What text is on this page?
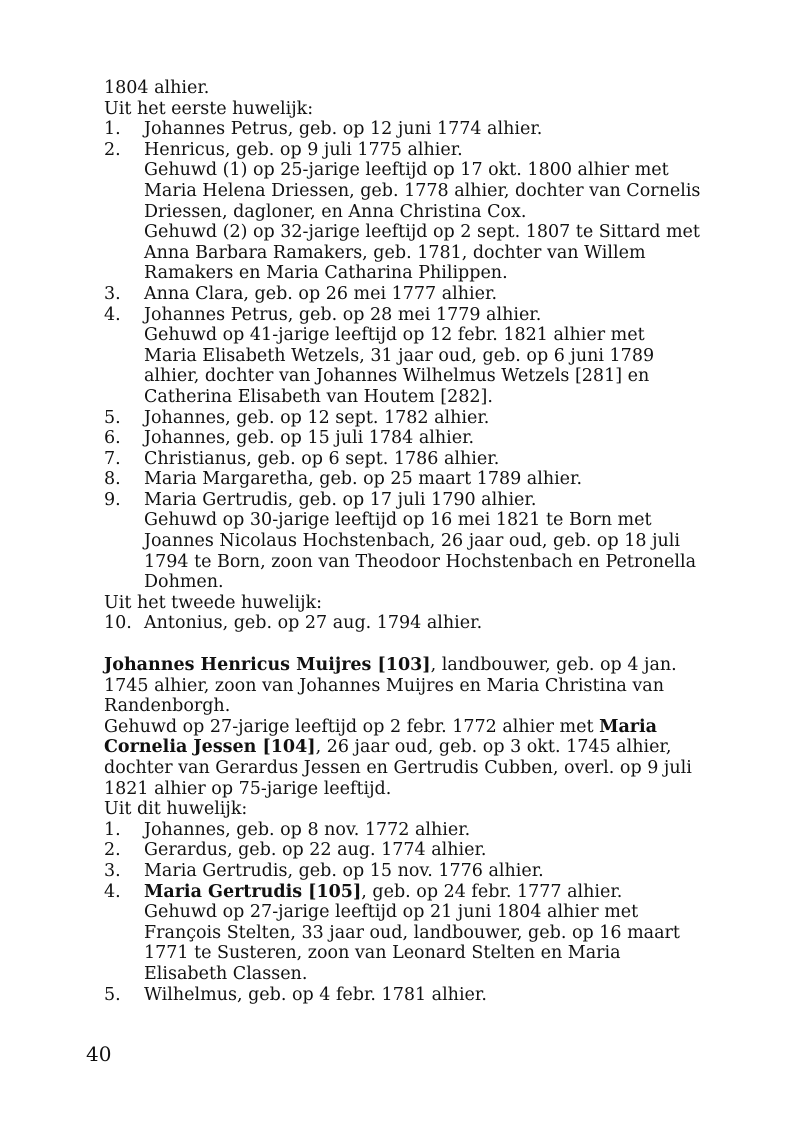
1804 alhier.
Uit het eerste huwelijk:
1. Johannes Petrus, geb. op 12 juni 1774 alhier.
2. Henricus, geb. op 9 juli 1775 alhier.
Gehuwd (1) op 25-jarige leeftijd op 17 okt. 1800 alhier met
Maria Helena Driessen, geb. 1778 alhier, dochter van Cornelis
Driessen, dagloner, en Anna Christina Cox.
Gehuwd (2) op 32-jarige leeftijd op 2 sept. 1807 te Sittard met
Anna Barbara Ramakers, geb. 1781, dochter van Willem
Ramakers en Maria Catharina Philippen.
3. Anna Clara, geb. op 26 mei 1777 alhier.
4. Johannes Petrus, geb. op 28 mei 1779 alhier.
Gehuwd op 41-jarige leeftijd op 12 febr. 1821 alhier met
Maria Elisabeth Wetzels, 31 jaar oud, geb. op 6 juni 1789
alhier, dochter van Johannes Wilhelmus Wetzels [281] en
Catherina Elisabeth van Houtem [282].
5. Johannes, geb. op 12 sept. 1782 alhier.
6. Johannes, geb. op 15 juli 1784 alhier.
7. Christianus, geb. op 6 sept. 1786 alhier.
8. Maria Margaretha, geb. op 25 maart 1789 alhier.
9. Maria Gertrudis, geb. op 17 juli 1790 alhier.
Gehuwd op 30-jarige leeftijd op 16 mei 1821 te Born met
Joannes Nicolaus Hochstenbach, 26 jaar oud, geb. op 18 juli
1794 te Born, zoon van Theodoor Hochstenbach en Petronella
Dohmen.
Uit het tweede huwelijk:
10. Antonius, geb. op 27 aug. 1794 alhier.
Johannes Henricus Muijres [103], landbouwer, geb. op 4 jan.
1745 alhier, zoon van Johannes Muijres en Maria Christina van
Randenborgh.
Gehuwd op 27-jarige leeftijd op 2 febr. 1772 alhier met Maria
Cornelia Jessen [104], 26 jaar oud, geb. op 3 okt. 1745 alhier,
dochter van Gerardus Jessen en Gertrudis Cubben, overl. op 9 juli
1821 alhier op 75-jarige leeftijd.
Uit dit huwelijk:
1. Johannes, geb. op 8 nov. 1772 alhier.
2. Gerardus, geb. op 22 aug. 1774 alhier.
3. Maria Gertrudis, geb. op 15 nov. 1776 alhier.
4. Maria Gertrudis [105], geb. op 24 febr. 1777 alhier.
Gehuwd op 27-jarige leeftijd op 21 juni 1804 alhier met
François Stelten, 33 jaar oud, landbouwer, geb. op 16 maart
1771 te Susteren, zoon van Leonard Stelten en Maria
Elisabeth Classen.
5. Wilhelmus, geb. op 4 febr. 1781 alhier.
40
